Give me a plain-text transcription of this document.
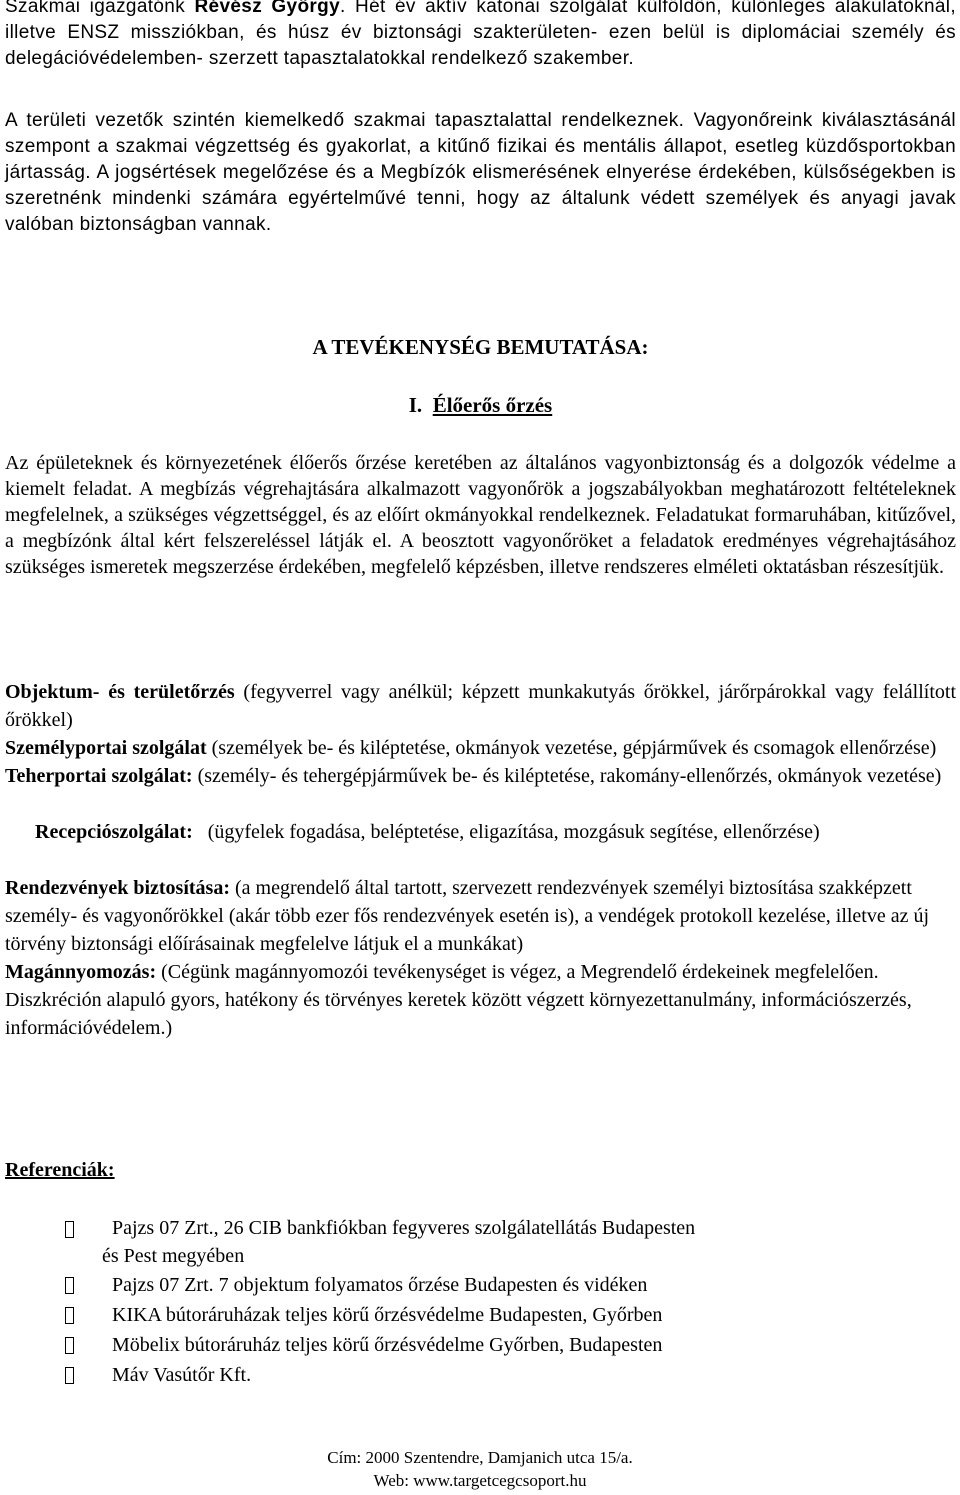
Szakmai igazgatónk Révész György. Hét év aktív katonai szolgálat külföldön, különleges alakulatoknál, illetve ENSZ missziókban, és húsz év biztonsági szakterületen- ezen belül is diplomáciai személy és delegációvédelemben- szerzett tapasztalatokkal rendelkező szakember.

A területi vezetők szintén kiemelkedő szakmai tapasztalattal rendelkeznek. Vagyonőreink kiválasztásánál szempont a szakmai végzettség és gyakorlat, a kitűnő fizikai és mentális állapot, esetleg küzdősportokban jártasság. A jogsértések megelőzése és a Megbízók elismerésének elnyerése érdekében, külsőségekben is szeretnénk mindenki számára egyértelművé tenni, hogy az általunk védett személyek és anyagi javak valóban biztonságban vannak.

A TEVÉKENYSÉG BEMUTATÁSA:
I. Élőerős őrzés

Az épületeknek és környezetének élőerős őrzése keretében az általános vagyonbiztonság és a dolgozók védelme a kiemelt feladat. A megbízás végrehajtására alkalmazott vagyonőrök a jogszabályokban meghatározott feltételeknek megfelelnek, a szükséges végzettséggel, és az előírt okmányokkal rendelkeznek. Feladatukat formaruhában, kitűzővel, a megbízónk által kért felszereléssel látják el. A beosztott vagyonőröket a feladatok eredményes végrehajtásához szükséges ismeretek megszerzése érdekében, megfelelő képzésben, illetve rendszeres elméleti oktatásban részesítjük.

Objektum- és területőrzés (fegyverrel vagy anélkül; képzett munkakutyás őrökkel, járőrpárokkal vagy felállított őrökkel)
Személyportai szolgálat (személyek be- és kiléptetése, okmányok vezetése, gépjárművek és csomagok ellenőrzése)
Teherportai szolgálat: (személy- és tehergépjárművek be- és kiléptetése, rakomány-ellenőrzés, okmányok vezetése)

Recepciószolgálat:   (ügyfelek fogadása, beléptetése, eligazítása, mozgásuk segítése, ellenőrzése)

Rendezvények biztosítása: (a megrendelő által tartott, szervezett rendezvények személyi biztosítása szakképzett személy- és vagyonőrökkel (akár több ezer fős rendezvények esetén is), a vendégek protokoll kezelése, illetve az új törvény biztonsági előírásainak megfelelve látjuk el a munkákat)
Magánnyomozás: (Cégünk magánnyomozói tevékenységet is végez, a Megrendelő érdekeinek megfelelően. Diszkréción alapuló gyors, hatékony és törvényes keretek között végzett környezettanulmány, információszerzés, információvédelem.)
Referenciák:
Pajzs 07 Zrt., 26 CIB bankfiókban fegyveres szolgálatellátás Budapesten
és Pest megyében
Pajzs 07 Zrt. 7 objektum folyamatos őrzése Budapesten és vidéken
KIKA bútoráruházak teljes körű őrzésvédelme Budapesten, Győrben
Möbelix bútoráruház teljes körű őrzésvédelme Győrben, Budapesten
Máv Vasútőr Kft.
Cím: 2000 Szentendre, Damjanich utca 15/a.
Web: www.targetcegcsoport.hu
